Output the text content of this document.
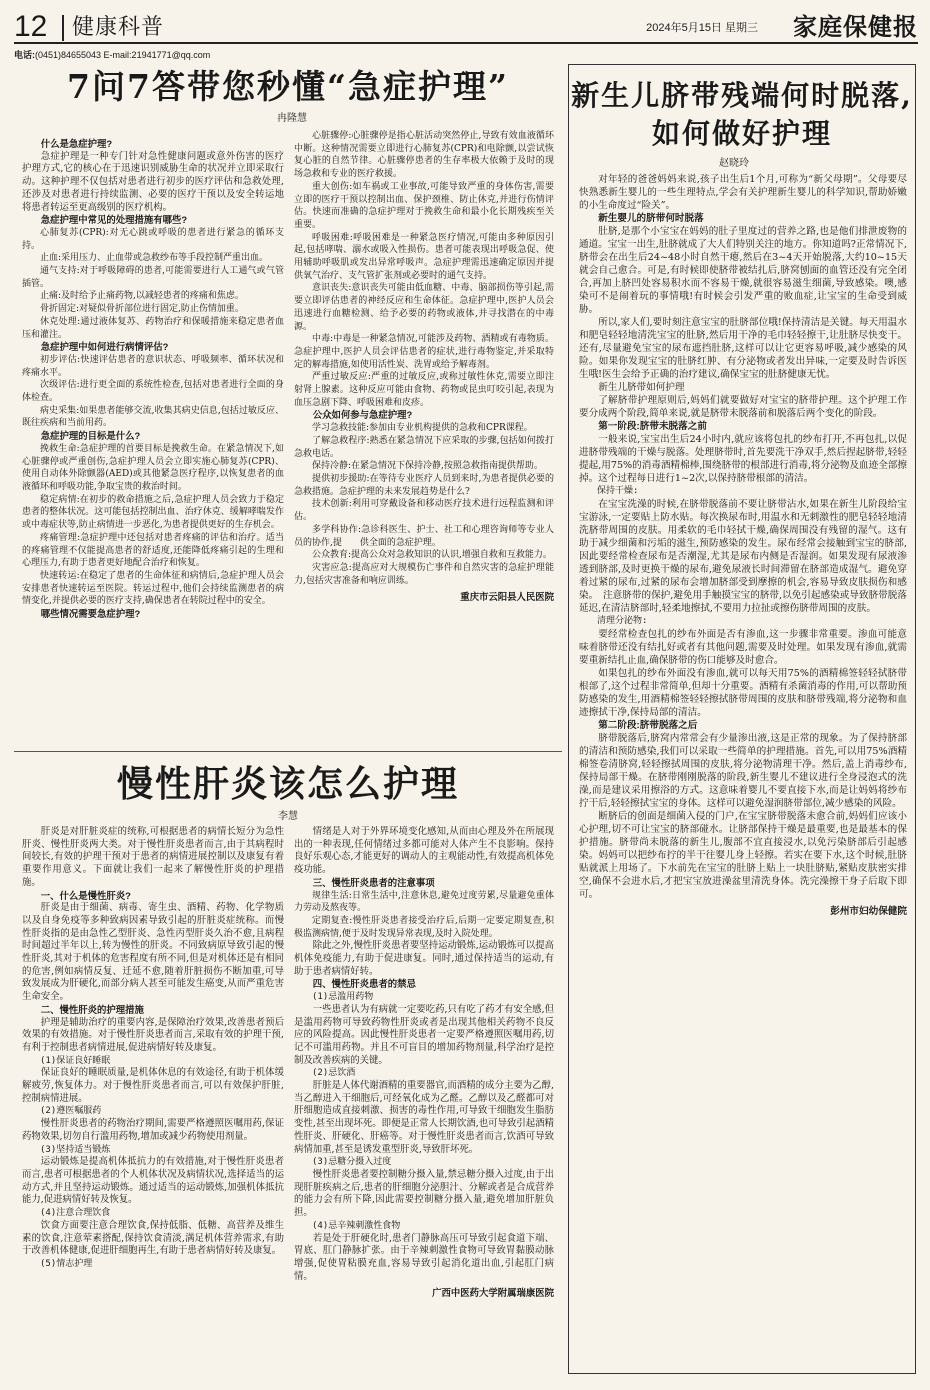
12 健康科普	2024年5月15日 星期三 家庭保健报
电话:(0451)84655043 E-mail:21941771@qq.com
7问7答带您秒懂“急症护理”
冉隆慧

什么是急症护理?

急症护理是一种专门针对急性健康问题或意外伤害的医疗护理方式,它的核心在于迅速识别威胁生命的状况并立即采取行动。这种护理不仅包括对患者进行初步的医疗评估和急救处理,还涉及对患者进行持续监测、必要的医疗干预以及安全转运地将患者转运至更高级别的医疗机构。

急症护理中常见的处理措施有哪些?

心肺复苏(CPR):对无心跳或呼吸的患者进行紧急的循环支持。

止血:采用压力、止血带或急救纱布等手段控制严重出血。

通气支持:对于呼吸障碍的患者,可能需要进行人工通气或气管插管。

止痛:及时给予止痛药物,以减轻患者的疼痛和焦虑。

骨折固定:对疑似骨折部位进行固定,防止伤情加重。

休克处理:通过液体复苏、药物治疗和保暖措施来稳定患者血压和灌注。

急症护理中如何进行病情评估?

初步评估:快速评估患者的意识状态、呼吸频率、循环状况和疼痛水平。

次级评估:进行更全面的系统性检查,包括对患者进行全面的身体检查。

病史采集:如果患者能够交流,收集其病史信息,包括过敏反应、既往疾病和当前用药。

急症护理的目标是什么?

挽救生命:急症护理的首要目标是挽救生命。在紧急情况下,如心脏骤停或严重创伤,急症护理人员会立即实施心肺复苏(CPR)、使用自动体外除颤器(AED)或其他紧急医疗程序,以恢复患者的血液循环和呼吸功能,争取宝贵的救治时间。

稳定病情:在初步的救命措施之后,急症护理人员会致力于稳定患者的整体状况。这可能包括控制出血、治疗休克、缓解哮喘发作或中毒症状等,防止病情进一步恶化,为患者提供更好的生存机会。

疼痛管理:急症护理中还包括对患者疼痛的评估和治疗。适当的疼痛管理不仅能提高患者的舒适度,还能降低疼痛引起的生理和心理压力,有助于患者更好地配合治疗和恢复。

快速转运:在稳定了患者的生命体征和病情后,急症护理人员会安排患者快速转运至医院。转运过程中,他们会持续监测患者的病情变化,并提供必要的医疗支持,确保患者在转院过程中的安全。

哪些情况需要急症护理?

心脏骤停:心脏骤停是指心脏活动突然停止,导致有效血液循环中断。这种情况需要立即进行心肺复苏(CPR)和电除颤,以尝试恢复心脏的自然节律。心脏骤停患者的生存率极大依赖于及时的现场急救和专业的医疗救援。

重大创伤:如车祸或工业事故,可能导致严重的身体伤害,需要立即的医疗干预以控制出血、保护颈椎、防止休克,并进行伤情评估。快速而准确的急症护理对于挽救生命和最小化长期残疾至关重要。

呼吸困难:呼吸困难是一种紧急医疗情况,可能由多种原因引起,包括哮喘、溺水或吸入性损伤。患者可能表现出呼吸急促、使用辅助呼吸肌或发出异常呼吸声。急症护理需迅速确定原因并提供氧气治疗、支气管扩张剂或必要时的通气支持。

意识丧失:意识丧失可能由低血糖、中毒、脑部损伤等引起,需要立即评估患者的神经反应和生命体征。急症护理中,医护人员会迅速进行血糖检测、给予必要的药物或液体,并寻找潜在的中毒源。

中毒:中毒是一种紧急情况,可能涉及药物、酒精或有毒物质。急症护理中,医护人员会评估患者的症状,进行毒物鉴定,并采取特定的解毒措施,如使用活性炭、洗胃或给予解毒剂。

严重过敏反应:严重的过敏反应,或称过敏性休克,需要立即注射肾上腺素。这种反应可能由食物、药物或昆虫叮咬引起,表现为血压急剧下降、呼吸困难和皮疹。

公众如何参与急症护理?

学习急救技能:参加由专业机构提供的急救和CPR课程。

了解急救程序:熟悉在紧急情况下应采取的步骤,包括如何拨打急救电话。

保持冷静:在紧急情况下保持冷静,按照急救指南提供帮助。

提供初步援助:在等待专业医疗人员到来时,为患者提供必要的急救措施。急症护理的未来发展趋势是什么?

技术创新:利用可穿戴设备和移动医疗技术进行远程监测和评估。

多学科协作:急诊科医生、护士、社工和心理咨询师等专业人员的协作,提　　供全面的急症护理。

公众教育:提高公众对急救知识的认识,增强自救和互救能力。

灾害应急:提高应对大规模伤亡事件和自然灾害的急症护理能力,包括灾害准备和响应训练。

重庆市云阳县人民医院

慢性肝炎该怎么护理
李慧

肝炎是对肝脏炎症的统称,可根据患者的病情长短分为急性肝炎、慢性肝炎两大类。对于慢性肝炎患者而言,由于其病程时间较长,有效的护理干预对于患者的病情进展控制以及康复有着重要作用意义。下面就让我们一起来了解慢性肝炎的护理措施。

一、什么是慢性肝炎?

肝炎是由于细菌、病毒、寄生虫、酒精、药物、化学物质以及自身免疫等多种致病因素导致引起的肝脏炎症统称。而慢性肝炎指的是由急性乙型肝炎、急性丙型肝炎久治不愈,且病程时间超过半年以上,转为慢性的肝炎。不同致病原导致引起的慢性肝炎,其对于机体的危害程度有所不同,但是对机体还是有相同的危害,例如病情反复、迁延不愈,随着肝脏损伤不断加重,可导致发展成为肝硬化,而部分病人甚至可能发生癌变,从而严重危害生命安全。

二、慢性肝炎的护理措施

护理是辅助治疗的重要内容,是保障治疗效果,改善患者预后效果的有效措施。对于慢性肝炎患者而言,采取有效的护理干预,有利于控制患者病情进展,促进病情好转及康复。

(1)保证良好睡眠

保证良好的睡眠质量,是机体休息的有效途径,有助于机体缓解疲劳,恢复体力。对于慢性肝炎患者而言,可以有效保护肝脏,控制病情进展。

(2)遵医嘱服药

慢性肝炎患者的药物治疗期间,需要严格遵照医嘱用药,保证药物效果,切勿自行滥用药物,增加或减少药物使用剂量。

(3)坚持适当锻炼

运动锻炼是提高机体抵抗力的有效措施,对于慢性肝炎患者而言,患者可根据患者的个人机体状况及病情状况,选择适当的运动方式,并且坚持运动锻炼。通过适当的运动锻炼,加强机体抵抗能力,促进病情好转及恢复。

(4)注意合理饮食

饮食方面要注意合理饮食,保持低脂、低糖、高营养及维生素的饮食,注意荤素搭配,保持饮食清淡,满足机体营养需求,有助于改善机体健康,促进肝细胞再生,有助于患者病情好转及康复。

(5)情志护理

情绪是人对于外界环境变化感知,从而由心理及外在所展现出的一种表现,任何情绪过多都可能对人体产生不良影响。保持良好乐观心态,才能更好的调动人的主观能动性,有效提高机体免疫功能。

三、慢性肝炎患者的注意事项

规律生活:日常生活中,注意休息,避免过度劳累,尽量避免重体力劳动及熬夜等。

定期复查:慢性肝炎患者接受治疗后,后期一定要定期复查,积极监测病情,便于及时发现异常表现,及时入院处理。

除此之外,慢性肝炎患者要坚持运动锻炼,运动锻炼可以提高机体免疫能力,有助于促进康复。同时,通过保持适当的运动,有助于患者病情好转。

四、慢性肝炎患者的禁忌

(1)忌滥用药物

一些患者认为有病就一定要吃药,只有吃了药才有安全感,但是滥用药物可导致药物性肝炎或者是出现其他相关药物不良反应的风险提高。因此慢性肝炎患者一定要严格遵照医嘱用药,切记不可滥用药物。并且不可盲目的增加药物剂量,科学治疗是控制及改善疾病的关键。

(2)忌饮酒

肝脏是人体代谢酒精的重要器官,而酒精的成分主要为乙醇,当乙醇进入干细胞后,可经氧化成为乙醛。乙醇以及乙醛都可对肝细胞造成直接刺激、损害的毒性作用,可导致干细胞发生脂肪变性,甚至出现坏死。即便是正常人长期饮酒,也可导致引起酒精性肝炎、肝硬化、肝癌等。对于慢性肝炎患者而言,饮酒可导致病情加重,甚至是诱发重型肝炎,导致肝坏死。

(3)忌糖分摄入过度

慢性肝炎患者要控制糖分摄入量,禁忌糖分摄入过度,由于出现肝脏疾病之后,患者的肝细胞分泌胆汁、分解或者是合成营养的能力会有所下降,因此需要控制糖分摄入量,避免增加肝脏负担。

(4)忌辛辣刺激性食物

若是处于肝硬化时,患者门静脉高压可导致引起食道下端、胃底、肛门静脉扩张。由于辛辣刺激性食物可导致胃黏膜动脉增强,促使胃粘膜充血,容易导致引起消化道出血,引起肛门病情。

广西中医药大学附属瑞康医院

新生儿脐带残端何时脱落,如何做好护理
赵晓玲

对年轻的爸爸妈妈来说,孩子出生后1个月,可称为“新父母期”。父母要尽快熟悉新生婴儿的一些生理特点,学会有关护理新生婴儿的科学知识,帮助娇嫩的小生命度过“险关”。

新生婴儿的脐带何时脱落

肚脐,是那个小宝宝在妈妈的肚子里度过的营养之路,也是他们排泄废物的通道。宝宝一出生,肚脐就成了大人们特别关注的地方。你知道吗?正常情况下,脐带会在出生后24~48小时自然干瘪,然后在3~4天开始脱落,大约10~15天就会自己愈合。可是,有时候即使脐带被结扎后,脐窝刨面的血管还没有完全闭合,再加上脐凹处容易积水而不容易干燥,就很容易滋生细菌,导致感染。噢,感染可不是闹着玩的事情哦!有时候会引发严重的败血症,让宝宝的生命受到威胁。

所以,家人们,要时刻注意宝宝的肚脐部位哦!保持清洁是关键。每天用温水和肥皂轻轻地清洗宝宝的肚脐,然后用干净的毛巾轻轻擦干,让肚脐尽快变干。还有,尽量避免宝宝的尿布遮挡肚脐,这样可以让它更容易呼吸,减少感染的风险。如果你发现宝宝的肚脐红肿、有分泌物或者发出异味,一定要及时告诉医生哦!医生会给予正确的治疗建议,确保宝宝的肚脐健康无忧。

新生儿脐带如何护理

了解脐带护理原则后,妈妈们就要做好对宝宝的脐带护理。这个护理工作要分成两个阶段,简单来说,就是脐带未脱落前和脱落后两个变化的阶段。

第一阶段:脐带未脱落之前

一般来说,宝宝出生后24小时内,就应该将包扎的纱布打开,不再包扎,以促进脐带残端的干燥与脱落。处理脐带时,首先要洗干净双手,然后捏起脐带,轻轻提起,用75%的消毒酒精棉棒,围绕脐带的根部进行消毒,将分泌物及血迹全部擦掉。这个过程每日进行1~2次,以保持脐带根部的清洁。

保持干燥:

在宝宝洗澡的时候,在脐带脱落前不要让脐带沾水,如果在新生儿阶段给宝宝游泳,一定要贴上防水贴。每次换尿布时,用温水和无刺激性的肥皂轻轻地清洗脐带周围的皮肤。用柔软的毛巾轻拭干燥,确保周围没有残留的湿气。这有助于减少细菌和污垢的滋生,预防感染的发生。尿布经常会接触到宝宝的脐部,因此要经常检查尿布是否潮湿,尤其是尿布内侧是否湿润。如果发现有尿液渗透到脐部,及时更换干燥的尿布,避免尿液长时间滞留在脐部造成湿气。避免穿着过紧的尿布,过紧的尿布会增加脐部受到摩擦的机会,容易导致皮肤损伤和感染。　注意脐带的保护,避免用手触摸宝宝的脐带,以免引起感染或导致脐带脱落延迟,在清洁脐部时,轻柔地擦拭,不要用力拉扯或擦伤脐带周围的皮肤。

清理分泌物:

要经常检查包扎的纱布外面是否有渗血,这一步骤非常重要。渗血可能意味着脐带还没有结扎好或者有其他问题,需要及时处理。如果发现有渗血,就需要重新结扎止血,确保脐带的伤口能够及时愈合。

如果包扎的纱布外面没有渗血,就可以每天用75%的酒精棉签轻轻拭脐带根部了,这个过程非常简单,但却十分重要。酒精有杀菌消毒的作用,可以帮助预防感染的发生,用酒精棉签轻轻擦拭脐带周围的皮肤和脐带残端,将分泌物和血迹擦拭干净,保持局部的清洁。

第二阶段:脐带脱落之后

脐带脱落后,脐窝内常常会有少量渗出液,这是正常的现象。为了保持脐部的清洁和预防感染,我们可以采取一些简单的护理措施。首先,可以用75%酒精棉签卷清脐窝,轻轻擦拭周围的皮肤,将分泌物清理干净。然后,盖上消毒纱布,保持局部干燥。在脐带刚刚脱落的阶段,新生婴儿不建议进行全身浸泡式的洗澡,而是建议采用擦浴的方式。这意味着婴儿不要直接下水,而是让妈妈将纱布拧干后,轻轻擦拭宝宝的身体。这样可以避免湿润脐带部位,减少感染的风险。

断脐后的创面是细菌入侵的门户,在宝宝脐带脱落未愈合前,妈妈们应该小心护理,切不可让宝宝的脐部碰水。让脐部保持干燥是最重要,也是最基本的保护措施。脐带尚未脱落的新生儿,腹部不宜直接浸水,以免污染脐部后引起感染。妈妈可以把纱布拧的半干往婴儿身上轻擦。若实在要下水,这个时候,肚脐贴就派上用场了。下水前先在宝宝的肚脐上贴上一块肚脐贴,紧贴皮肤密实排空,确保不会进水后,才把宝宝放进澡盆里清洗身体。洗完澡擦干身子后取下即可。

彭州市妇幼保健院
